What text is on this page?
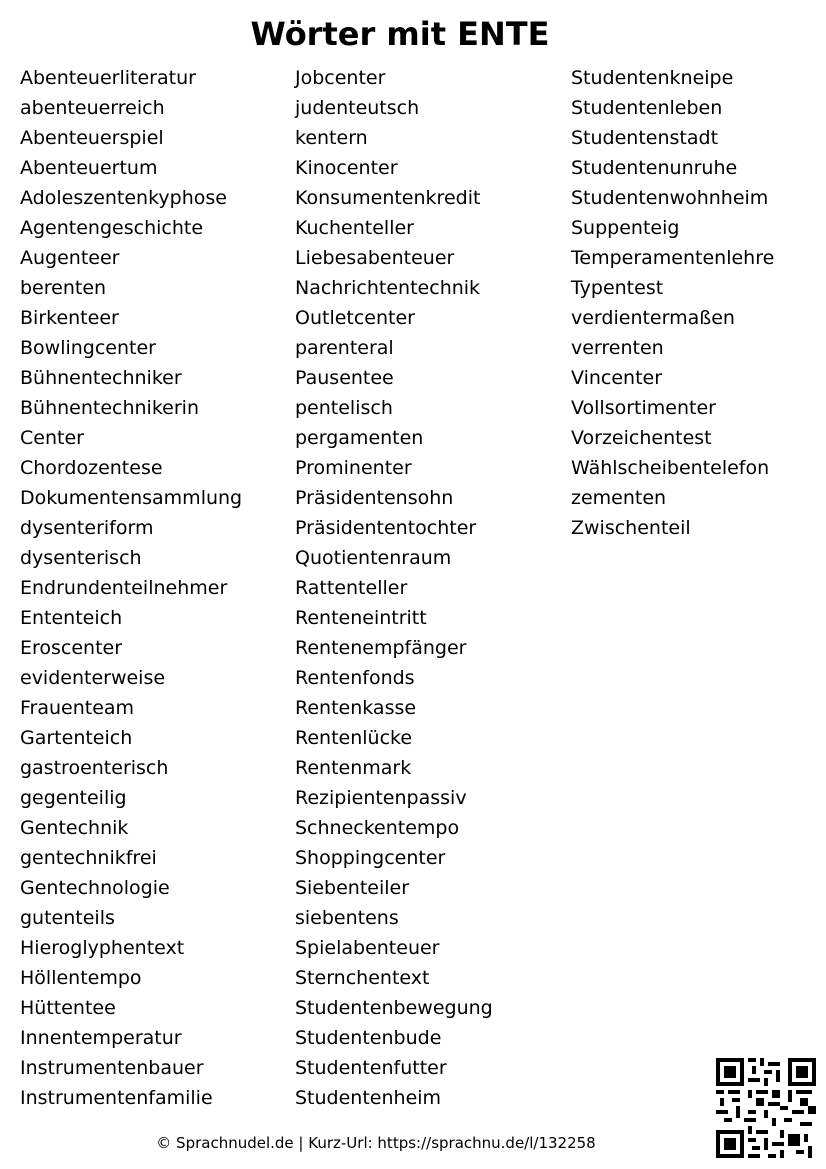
Wörter mit ENTE
Abenteuerliteratur
abenteuerreich
Abenteuerspiel
Abenteuertum
Adoleszentenkyphose
Agentengeschichte
Augenteer
berenten
Birkenteer
Bowlingcenter
Bühnentechniker
Bühnentechnikerin
Center
Chordozentese
Dokumentensammlung
dysenteriform
dysenterisch
Endrundenteilnehmer
Ententeich
Eroscenter
evidenterweise
Frauenteam
Gartenteich
gastroenterisch
gegenteilig
Gentechnik
gentechnikfrei
Gentechnologie
gutenteils
Hieroglyphentext
Höllentempo
Hüttentee
Innentemperatur
Instrumentenbauer
Instrumentenfamilie
Jobcenter
judenteutsch
kentern
Kinocenter
Konsumentenkredit
Kuchenteller
Liebesabenteuer
Nachrichtentechnik
Outletcenter
parenteral
Pausentee
pentelisch
pergamenten
Prominenter
Präsidentensohn
Präsidententochter
Quotientenraum
Rattenteller
Renteneintritt
Rentenempfänger
Rentenfonds
Rentenkasse
Rentenlücke
Rentenmark
Rezipientenpassiv
Schneckentempo
Shoppingcenter
Siebenteiler
siebentens
Spielabenteuer
Sternchentext
Studentenbewegung
Studentenbude
Studentenfutter
Studentenheim
Studentenkneipe
Studentenleben
Studentenstadt
Studentenunruhe
Studentenwohnheim
Suppenteig
Temperamentenlehre
Typentest
verdientermaßen
verrenten
Vincenter
Vollsortimenter
Vorzeichentest
Wählscheibentelefon
zementen
Zwischenteil
© Sprachnudel.de | Kurz-Url: https://sprachnu.de/l/132258
